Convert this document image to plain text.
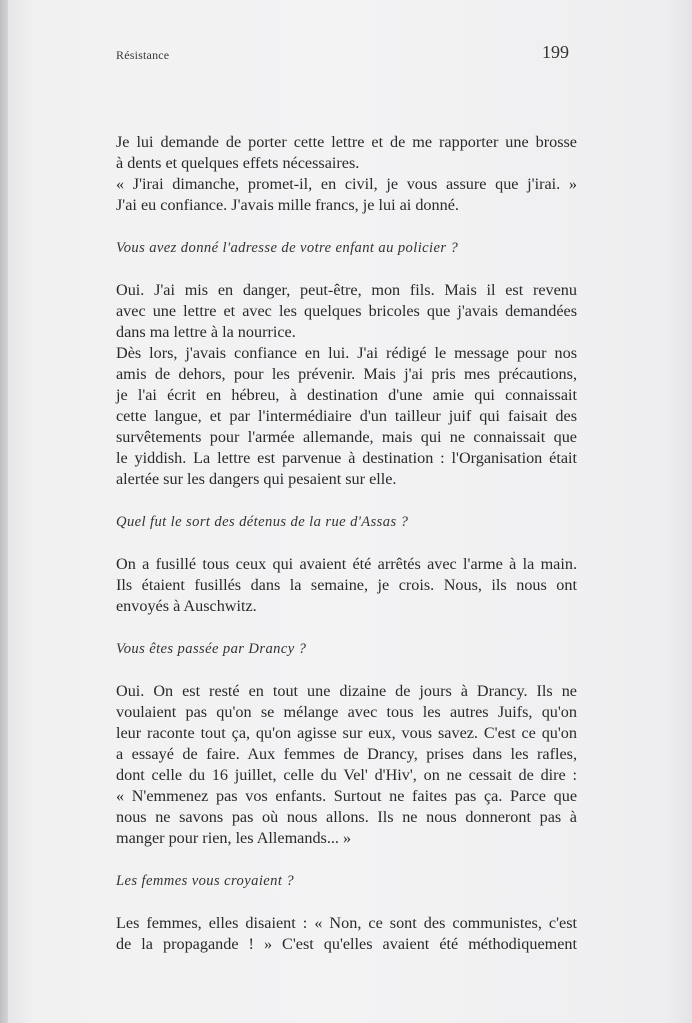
Résistance	199

Je lui demande de porter cette lettre et de me rapporter une brosse

à dents et quelques effets nécessaires.

« J'irai dimanche, promet-il, en civil, je vous assure que j'irai. »

J'ai eu confiance. J'avais mille francs, je lui ai donné.

Vous avez donné l'adresse de votre enfant au policier ?

Oui. J'ai mis en danger, peut-être, mon fils. Mais il est revenu

avec une lettre et avec les quelques bricoles que j'avais demandées

dans ma lettre à la nourrice.

Dès lors, j'avais confiance en lui. J'ai rédigé le message pour nos

amis de dehors, pour les prévenir. Mais j'ai pris mes précautions,

je l'ai écrit en hébreu, à destination d'une amie qui connaissait

cette langue, et par l'intermédiaire d'un tailleur juif qui faisait des

survêtements pour l'armée allemande, mais qui ne connaissait que

le yiddish. La lettre est parvenue à destination : l'Organisation était

alertée sur les dangers qui pesaient sur elle.

Quel fut le sort des détenus de la rue d'Assas ?

On a fusillé tous ceux qui avaient été arrêtés avec l'arme à la main.

Ils étaient fusillés dans la semaine, je crois. Nous, ils nous ont

envoyés à Auschwitz.

Vous êtes passée par Drancy ?

Oui. On est resté en tout une dizaine de jours à Drancy. Ils ne

voulaient pas qu'on se mélange avec tous les autres Juifs, qu'on

leur raconte tout ça, qu'on agisse sur eux, vous savez. C'est ce qu'on

a essayé de faire. Aux femmes de Drancy, prises dans les rafles,

dont celle du 16 juillet, celle du Vel' d'Hiv', on ne cessait de dire :

« N'emmenez pas vos enfants. Surtout ne faites pas ça. Parce que

nous ne savons pas où nous allons. Ils ne nous donneront pas à

manger pour rien, les Allemands... »

Les femmes vous croyaient ?

Les femmes, elles disaient : « Non, ce sont des communistes, c'est

de la propagande ! » C'est qu'elles avaient été méthodiquement
